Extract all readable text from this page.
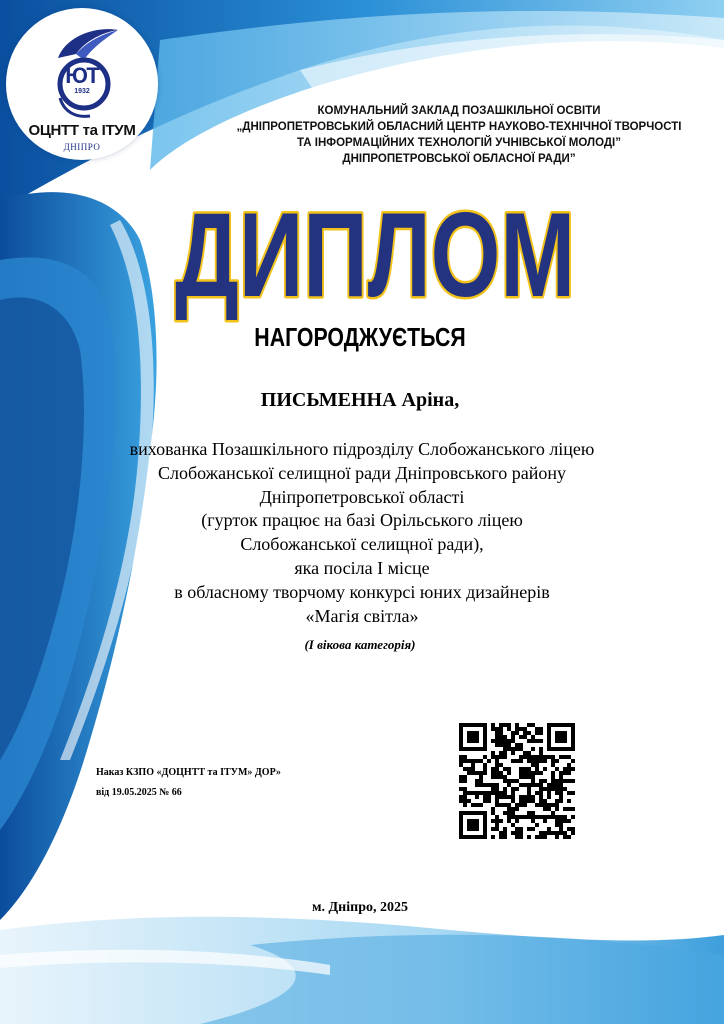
ЮТ
1932
ОЦНТТ та ІТУМ
ДНІПРО
КОМУНАЛЬНИЙ ЗАКЛАД ПОЗАШКІЛЬНОЇ ОСВІТИ
„ДНІПРОПЕТРОВСЬКИЙ ОБЛАСНИЙ ЦЕНТР НАУКОВО-ТЕХНІЧНОЇ ТВОРЧОСТІ
ТА ІНФОРМАЦІЙНИХ ТЕХНОЛОГІЙ УЧНІВСЬКОЇ МОЛОДІ”
ДНІПРОПЕТРОВСЬКОЇ ОБЛАСНОЇ РАДИ”
ДИПЛОМ
НАГОРОДЖУЄТЬСЯ
ПИСЬМЕННА Аріна,
вихованка Позашкільного підрозділу Слобожанського ліцею
Слобожанської селищної ради Дніпровського району
Дніпропетровської області
(гурток працює на базі Орільського ліцею
Слобожанської селищної ради),
яка посіла І місце
в обласному творчому конкурсі юних дизайнерів
«Магія світла»
(І вікова категорія)
Наказ КЗПО «ДОЦНТТ та ІТУМ» ДОР»
від 19.05.2025 № 66
м. Дніпро, 2025
